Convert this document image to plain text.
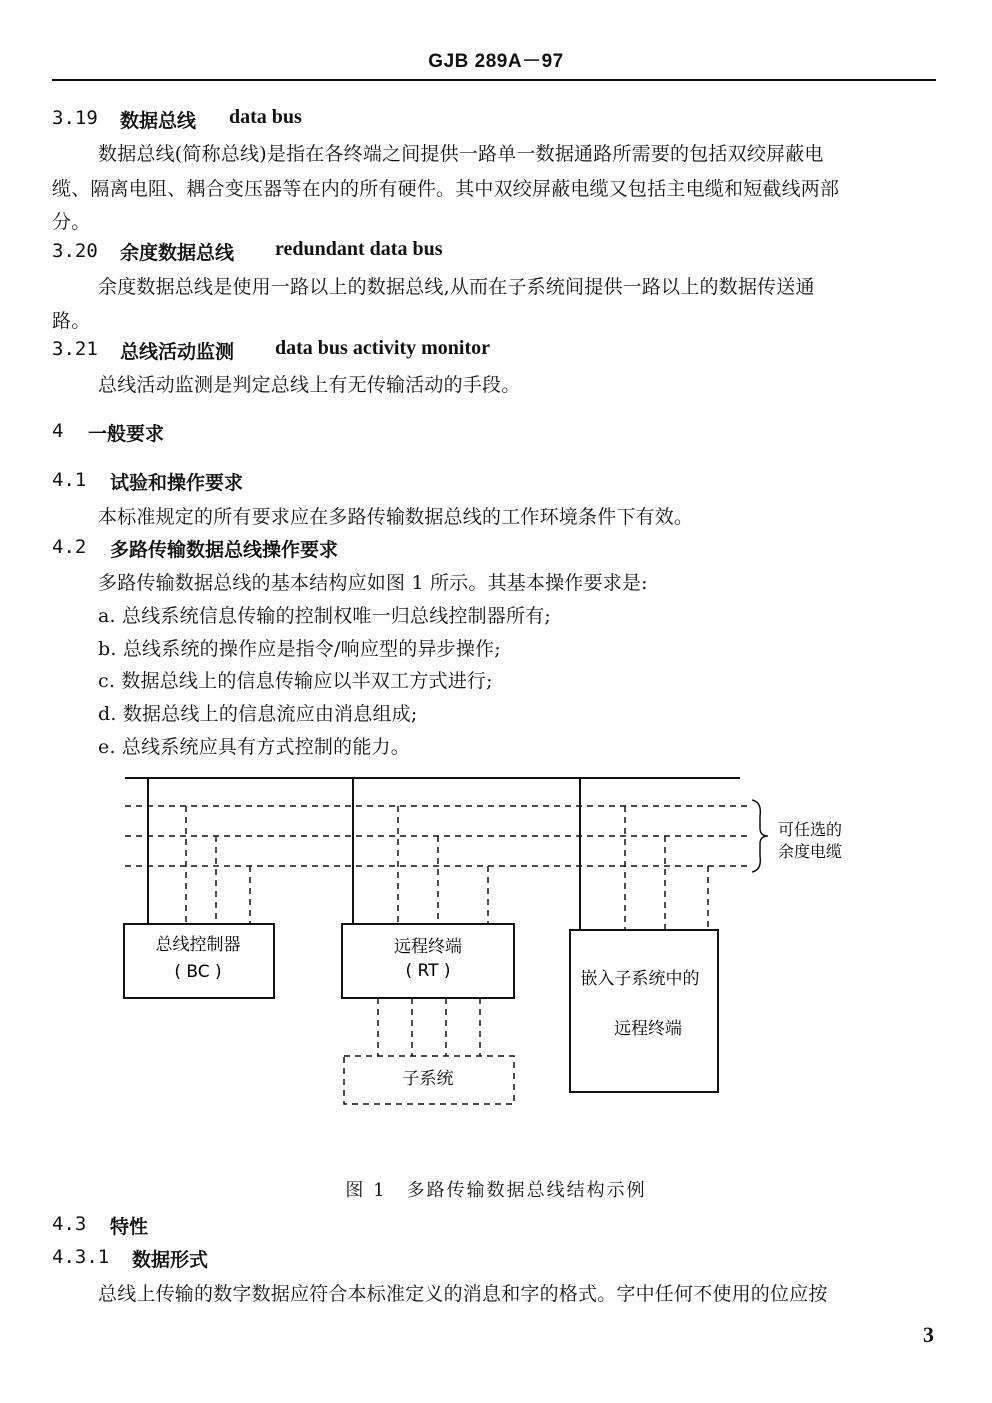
GJB 289A－97
3.19 数据总线 data bus
数据总线(简称总线)是指在各终端之间提供一路单一数据通路所需要的包括双绞屏蔽电
缆、隔离电阻、耦合变压器等在内的所有硬件。其中双绞屏蔽电缆又包括主电缆和短截线两部
分。
3.20 余度数据总线 redundant data bus
余度数据总线是使用一路以上的数据总线,从而在子系统间提供一路以上的数据传送通
路。
3.21 总线活动监测 data bus activity monitor
总线活动监测是判定总线上有无传输活动的手段。
4 一般要求
4.1 试验和操作要求
本标准规定的所有要求应在多路传输数据总线的工作环境条件下有效。
4.2 多路传输数据总线操作要求
多路传输数据总线的基本结构应如图 1 所示。其基本操作要求是:
a. 总线系统信息传输的控制权唯一归总线控制器所有;
b. 总线系统的操作应是指令/响应型的异步操作;
c. 数据总线上的信息传输应以半双工方式进行;
d. 数据总线上的信息流应由消息组成;
e. 总线系统应具有方式控制的能力。
总线控制器
( BC )
远程终端
( RT )
子系统
嵌入子系统中的
远程终端
可任选的
余度电缆
图 1　多路传输数据总线结构示例
4.3 特性
4.3.1 数据形式
总线上传输的数字数据应符合本标准定义的消息和字的格式。字中任何不使用的位应按
3
